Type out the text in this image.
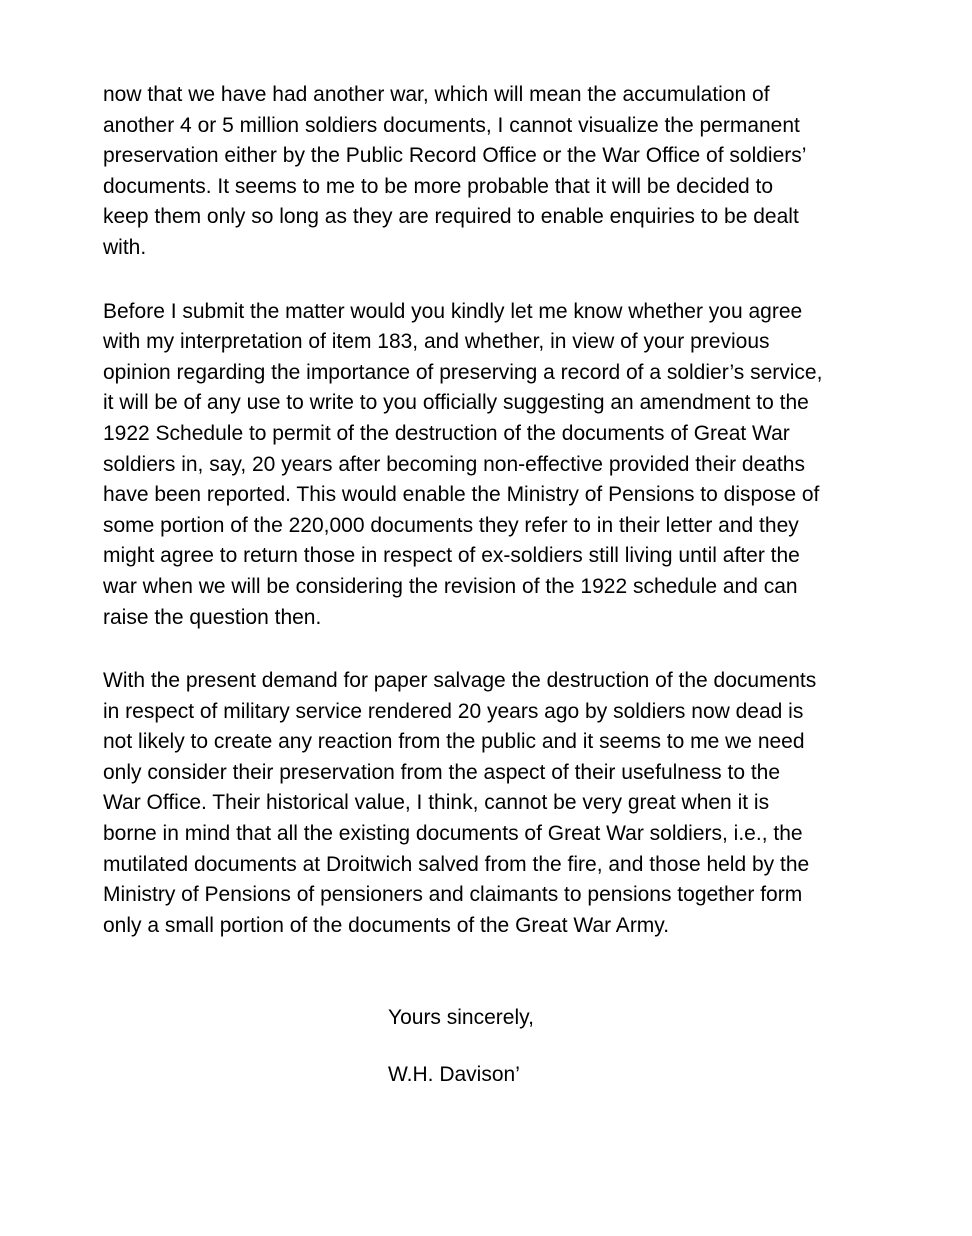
now that we have had another war, which will mean the accumulation of
another 4 or 5 million soldiers documents, I cannot visualize the permanent
preservation either by the Public Record Office or the War Office of soldiers’
documents. It seems to me to be more probable that it will be decided to
keep them only so long as they are required to enable enquiries to be dealt
with.

Before I submit the matter would you kindly let me know whether you agree
with my interpretation of item 183, and whether, in view of your previous
opinion regarding the importance of preserving a record of a soldier’s service,
it will be of any use to write to you officially suggesting an amendment to the
1922 Schedule to permit of the destruction of the documents of Great War
soldiers in, say, 20 years after becoming non-effective provided their deaths
have been reported. This would enable the Ministry of Pensions to dispose of
some portion of the 220,000 documents they refer to in their letter and they
might agree to return those in respect of ex-soldiers still living until after the
war when we will be considering the revision of the 1922 schedule and can
raise the question then.

With the present demand for paper salvage the destruction of the documents
in respect of military service rendered 20 years ago by soldiers now dead is
not likely to create any reaction from the public and it seems to me we need
only consider their preservation from the aspect of their usefulness to the
War Office. Their historical value, I think, cannot be very great when it is
borne in mind that all the existing documents of Great War soldiers, i.e., the
mutilated documents at Droitwich salved from the fire, and those held by the
Ministry of Pensions of pensioners and claimants to pensions together form
only a small portion of the documents of the Great War Army.

Yours sincerely,

W.H. Davison’
